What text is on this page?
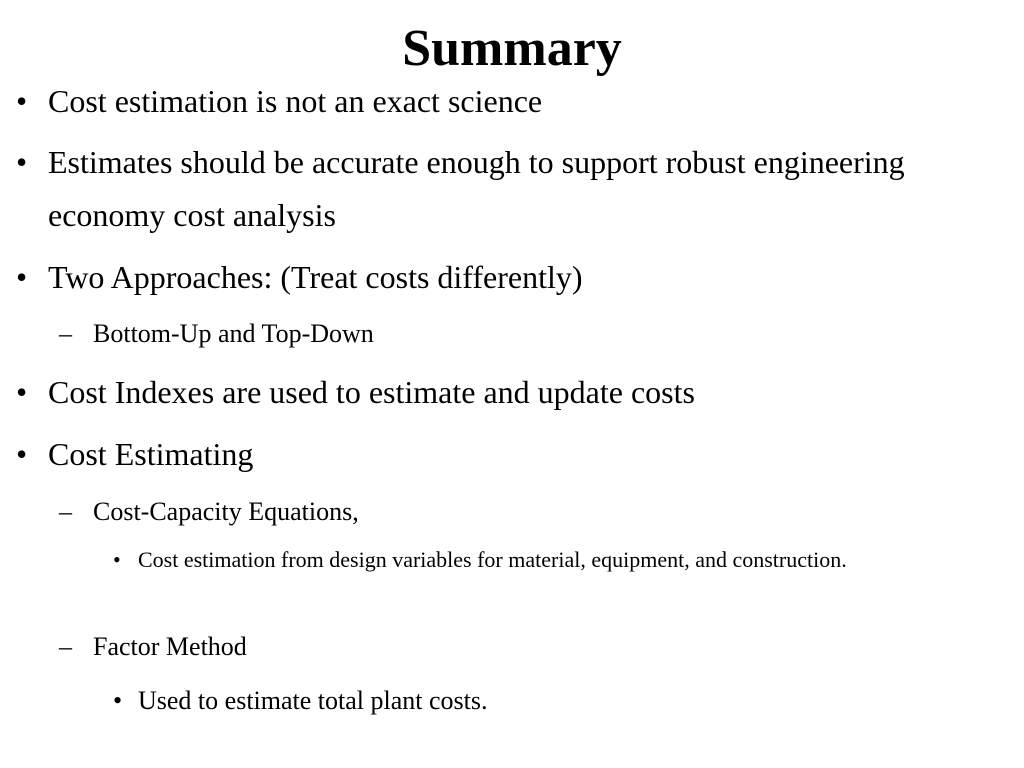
Summary
• Cost estimation is not an exact science
• Estimates should be accurate enough to support robust engineering economy cost analysis
• Two Approaches: (Treat costs differently)
– Bottom-Up and Top-Down
• Cost Indexes are used to estimate and update costs
• Cost Estimating
– Cost-Capacity Equations,
• Cost estimation from design variables for material, equipment, and construction.
– Factor Method
• Used to estimate total plant costs.
